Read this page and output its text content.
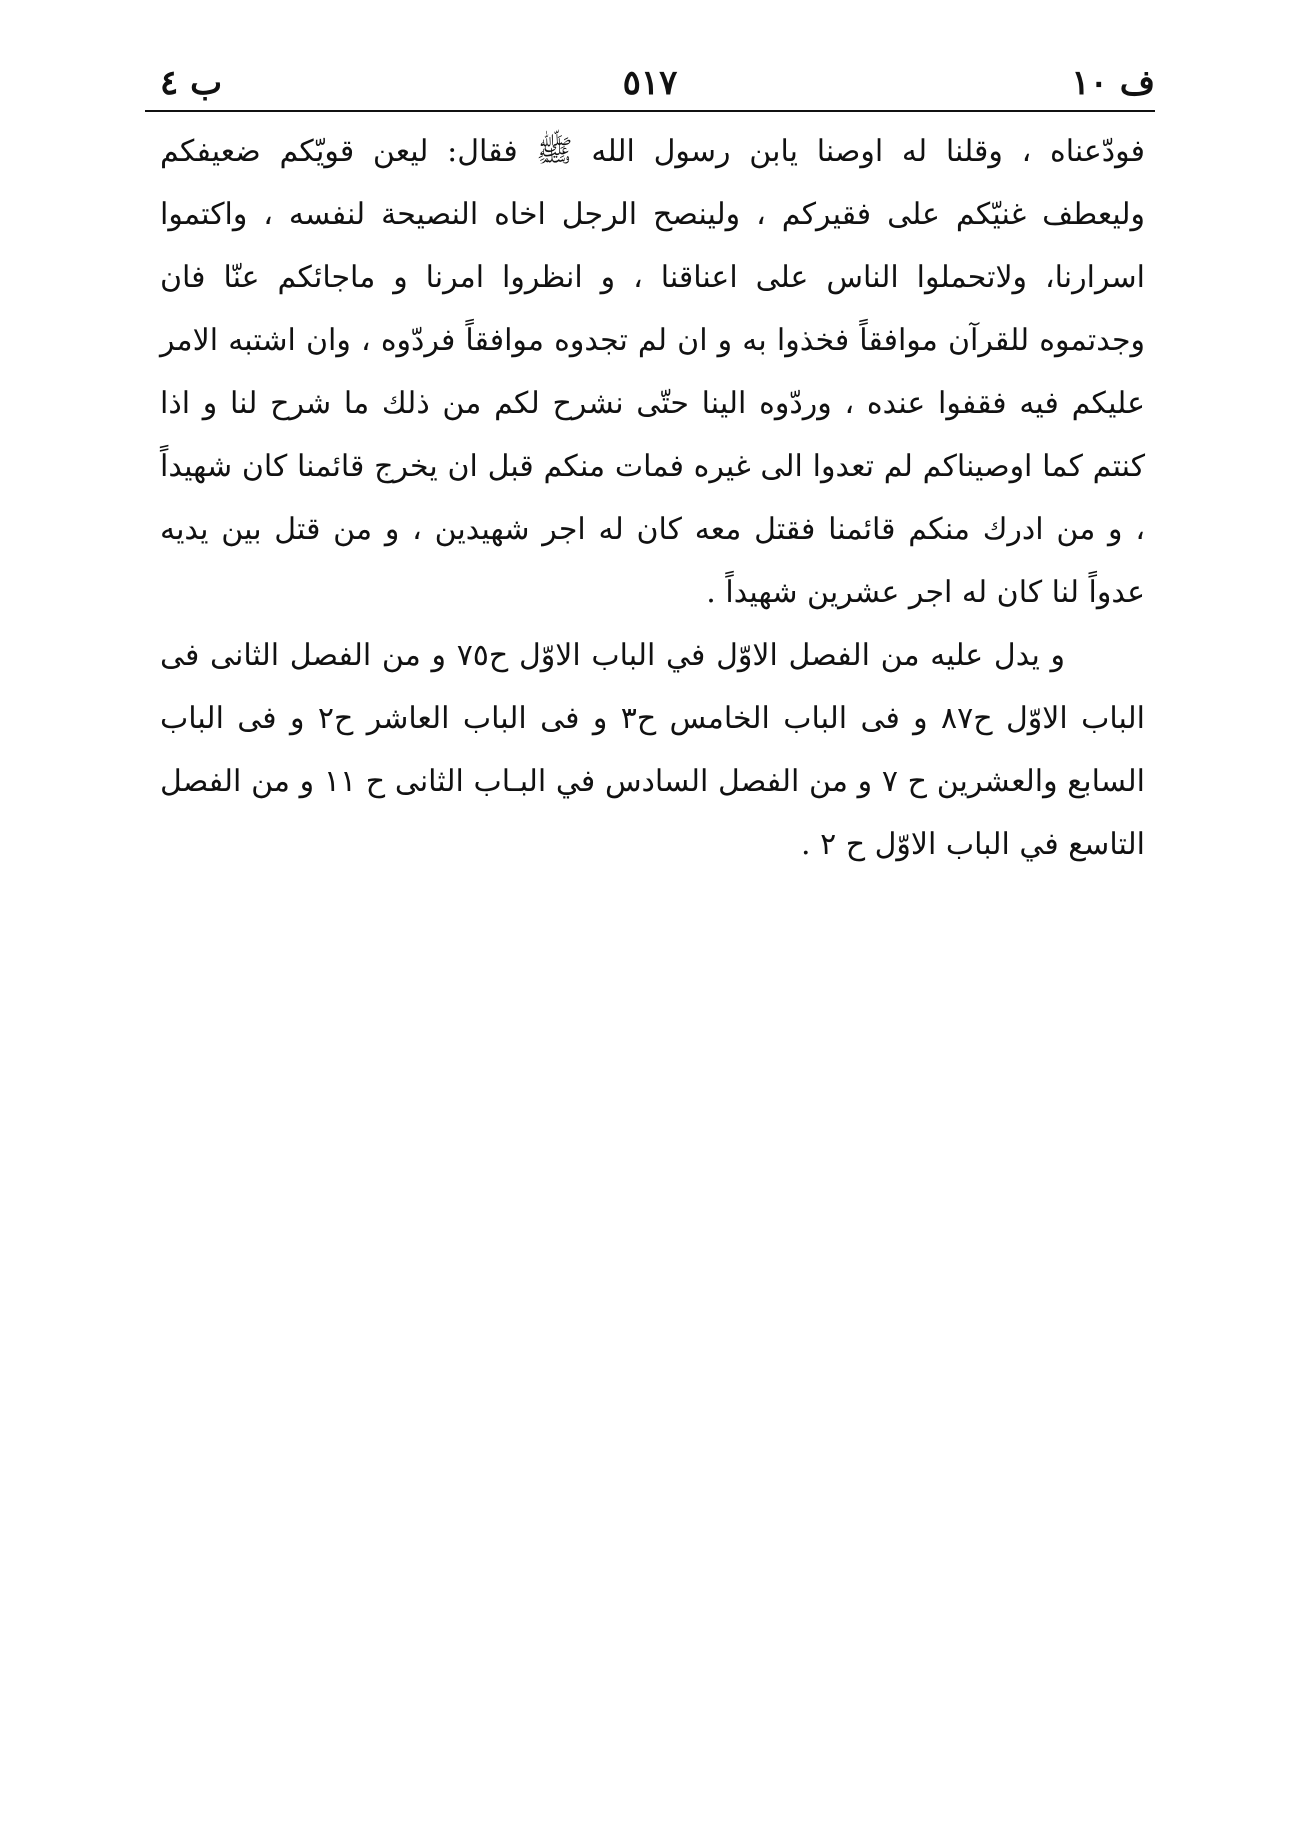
ف ١٠
٥١٧
ب ٤

فودّعناه ، وقلنا له اوصنا يابن رسول الله ﷺ فقال: ليعن قويّكم ضعيفكم وليعطف غنيّكم على فقيركم ، ولينصح الرجل اخاه النصيحة لنفسه ، واكتموا اسرارنا، ولاتحملوا الناس على اعناقنا ، و انظروا امرنا و ماجائكم عنّا فان وجدتموه للقرآن موافقاً فخذوا به و ان لم تجدوه موافقاً فردّوه ، وان اشتبه الامر عليكم فيه فقفوا عنده ، وردّوه الينا حتّى نشرح لكم من ذلك ما شرح لنا و اذا كنتم كما اوصيناكم لم تعدوا الى غيره فمات منكم قبل ان يخرج قائمنا كان شهيداً ، و من ادرك منكم قائمنا فقتل معه كان له اجر شهيدين ، و من قتل بين يديه عدواً لنا كان له اجر عشرين شهيداً .

و يدل عليه من الفصل الاوّل في الباب الاوّل ح٧٥ و من الفصل الثانى فى الباب الاوّل ح٨٧ و فى الباب الخامس ح٣ و فى الباب العاشر ح٢ و فى الباب السابع والعشرين ح ٧ و من الفصل السادس في البـاب الثانى ح ١١ و من الفصل التاسع في الباب الاوّل ح ٢ .
